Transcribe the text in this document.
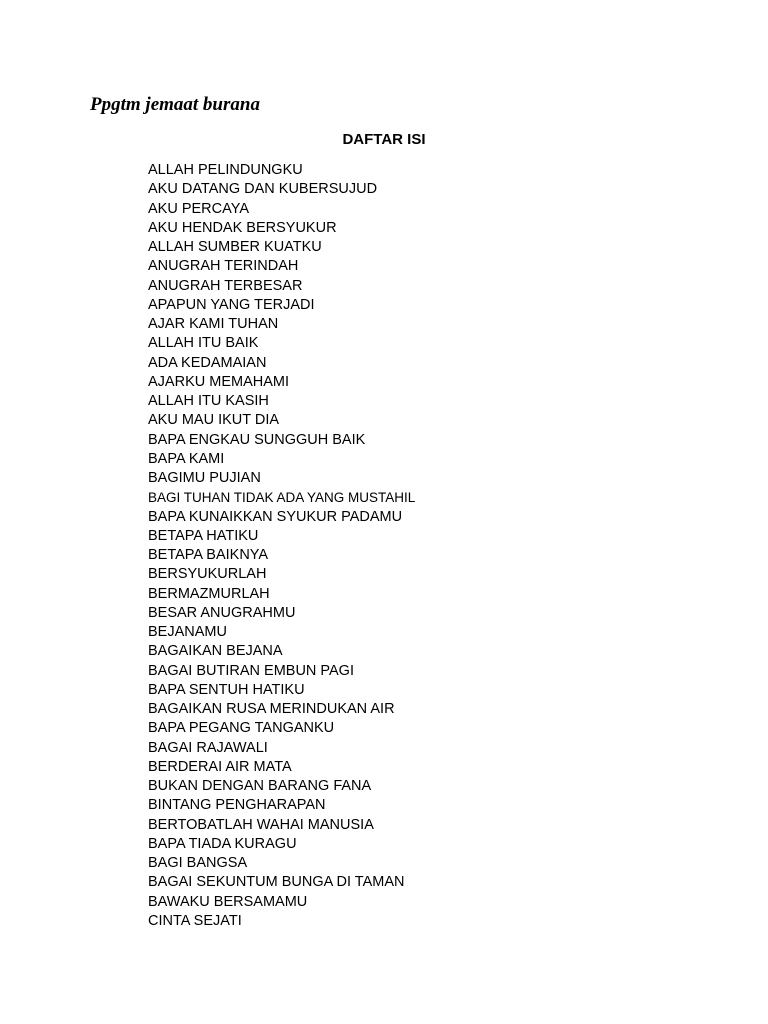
Ppgtm jemaat burana
DAFTAR ISI
ALLAH PELINDUNGKU
AKU DATANG DAN KUBERSUJUD
AKU PERCAYA
AKU HENDAK BERSYUKUR
ALLAH SUMBER KUATKU
ANUGRAH TERINDAH
ANUGRAH TERBESAR
APAPUN YANG TERJADI
AJAR KAMI TUHAN
ALLAH ITU BAIK
ADA KEDAMAIAN
AJARKU MEMAHAMI
ALLAH ITU KASIH
AKU MAU IKUT DIA
BAPA ENGKAU SUNGGUH BAIK
BAPA KAMI
BAGIMU PUJIAN
BAGI TUHAN TIDAK ADA YANG MUSTAHIL
BAPA KUNAIKKAN SYUKUR PADAMU
BETAPA HATIKU
BETAPA BAIKNYA
BERSYUKURLAH
BERMAZMURLAH
BESAR ANUGRAHMU
BEJANAMU
BAGAIKAN BEJANA
BAGAI BUTIRAN EMBUN PAGI
BAPA SENTUH HATIKU
BAGAIKAN RUSA MERINDUKAN AIR
BAPA PEGANG TANGANKU
BAGAI RAJAWALI
BERDERAI AIR MATA
BUKAN DENGAN BARANG FANA
BINTANG PENGHARAPAN
BERTOBATLAH WAHAI MANUSIA
BAPA TIADA KURAGU
BAGI BANGSA
BAGAI SEKUNTUM BUNGA DI TAMAN
BAWAKU BERSAMAMU
CINTA SEJATI
